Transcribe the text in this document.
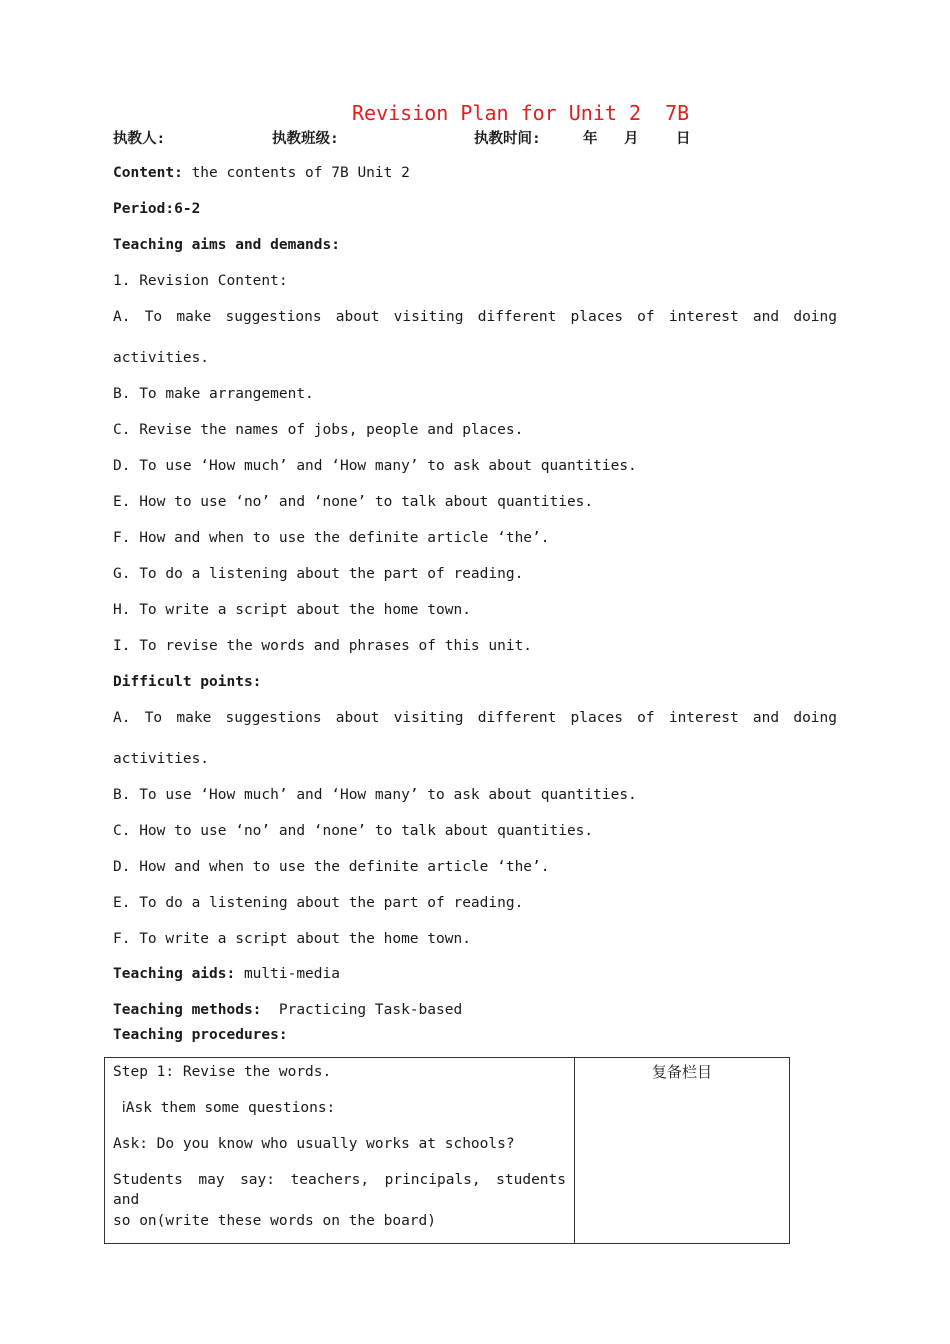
Revision Plan for Unit 2  7B
执教人:	执教班级:	执教时间:	年 月	日
Content: the contents of 7B Unit 2
Period:6-2
Teaching aims and demands:
1. Revision Content:
A. To make suggestions about visiting different places of interest and doing
activities.
B. To make arrangement.
C. Revise the names of jobs, people and places.
D. To use ‘How much’ and ‘How many’ to ask about quantities.
E. How to use ‘no’ and ‘none’ to talk about quantities.
F. How and when to use the definite article ‘the’.
G. To do a listening about the part of reading.
H. To write a script about the home town.
I. To revise the words and phrases of this unit.
Difficult points:
A. To make suggestions about visiting different places of interest and doing
activities.
B. To use ‘How much’ and ‘How many’ to ask about quantities.
C. How to use ‘no’ and ‘none’ to talk about quantities.
D. How and when to use the definite article ‘the’.
E. To do a listening about the part of reading.
F. To write a script about the home town.
Teaching aids: multi-media
Teaching methods:  Practicing Task-based
Teaching procedures:
Step 1: Revise the words.
ⅰAsk them some questions:
Ask: Do you know who usually works at schools?
Students may say: teachers, principals, students and
so on(write these words on the board)
	复备栏目
